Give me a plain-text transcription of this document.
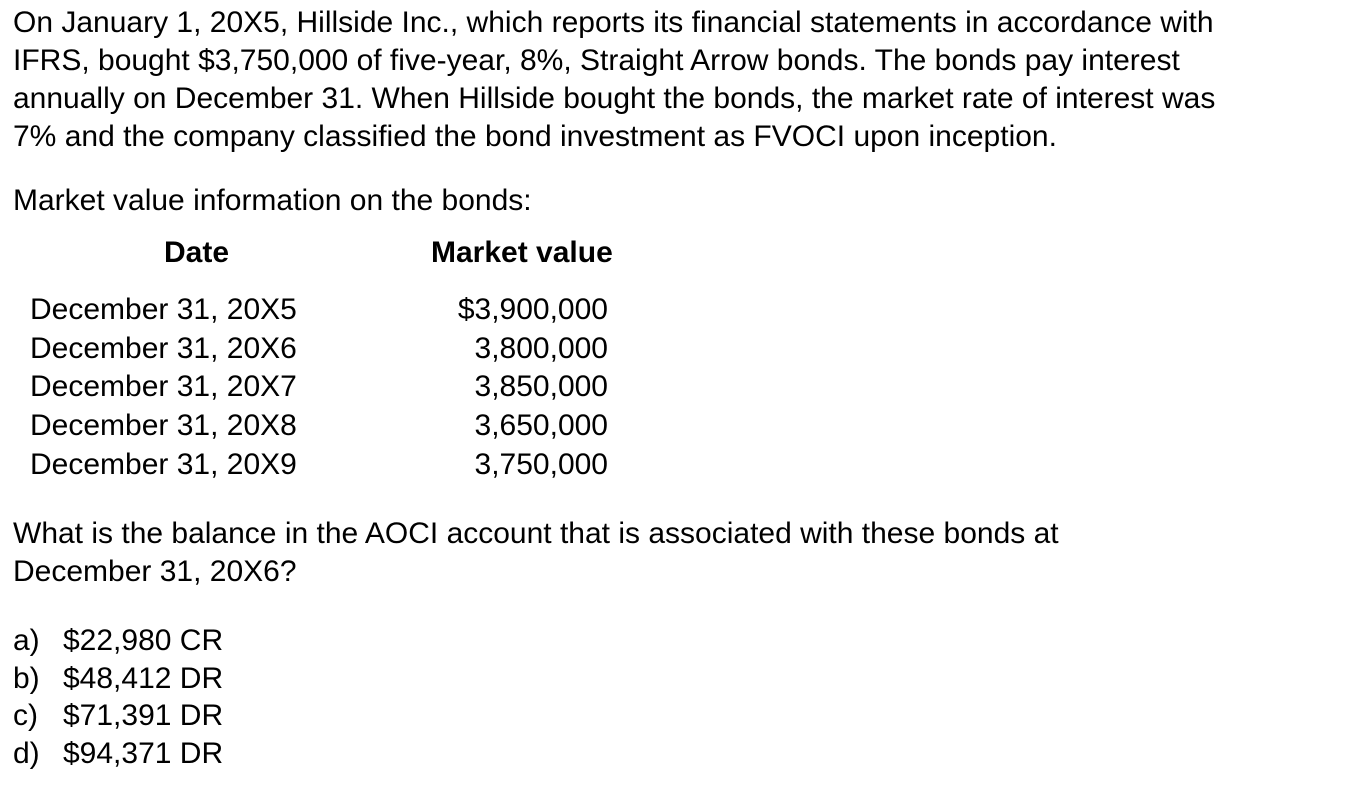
On January 1, 20X5, Hillside Inc., which reports its financial statements in accordance with
IFRS, bought $3,750,000 of five-year, 8%, Straight Arrow bonds. The bonds pay interest
annually on December 31. When Hillside bought the bonds, the market rate of interest was
7% and the company classified the bond investment as FVOCI upon inception.

Market value information on the bonds:

Date	Market value
December 31, 20X5	$3,900,000
December 31, 20X6	3,800,000
December 31, 20X7	3,850,000
December 31, 20X8	3,650,000
December 31, 20X9	3,750,000
What is the balance in the AOCI account that is associated with these bonds at
December 31, 20X6?
a) $22,980 CR
b) $48,412 DR
c) $71,391 DR
d) $94,371 DR
